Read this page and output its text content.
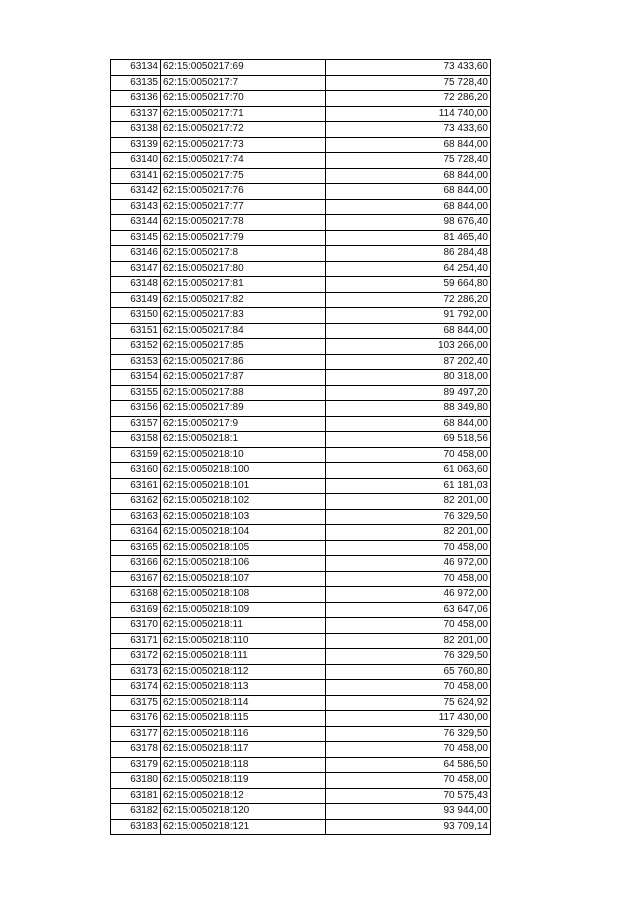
63134	62:15:0050217:69	73 433,60
63135	62:15:0050217:7	75 728,40
63136	62:15:0050217:70	72 286,20
63137	62:15:0050217:71	114 740,00
63138	62:15:0050217:72	73 433,60
63139	62:15:0050217:73	68 844,00
63140	62:15:0050217:74	75 728,40
63141	62:15:0050217:75	68 844,00
63142	62:15:0050217:76	68 844,00
63143	62:15:0050217:77	68 844,00
63144	62:15:0050217:78	98 676,40
63145	62:15:0050217:79	81 465,40
63146	62:15:0050217:8	86 284,48
63147	62:15:0050217:80	64 254,40
63148	62:15:0050217:81	59 664,80
63149	62:15:0050217:82	72 286,20
63150	62:15:0050217:83	91 792,00
63151	62:15:0050217:84	68 844,00
63152	62:15:0050217:85	103 266,00
63153	62:15:0050217:86	87 202,40
63154	62:15:0050217:87	80 318,00
63155	62:15:0050217:88	89 497,20
63156	62:15:0050217:89	88 349,80
63157	62:15:0050217:9	68 844,00
63158	62:15:0050218:1	69 518,56
63159	62:15:0050218:10	70 458,00
63160	62:15:0050218:100	61 063,60
63161	62:15:0050218:101	61 181,03
63162	62:15:0050218:102	82 201,00
63163	62:15:0050218:103	76 329,50
63164	62:15:0050218:104	82 201,00
63165	62:15:0050218:105	70 458,00
63166	62:15:0050218:106	46 972,00
63167	62:15:0050218:107	70 458,00
63168	62:15:0050218:108	46 972,00
63169	62:15:0050218:109	63 647,06
63170	62:15:0050218:11	70 458,00
63171	62:15:0050218:110	82 201,00
63172	62:15:0050218:111	76 329,50
63173	62:15:0050218:112	65 760,80
63174	62:15:0050218:113	70 458,00
63175	62:15:0050218:114	75 624,92
63176	62:15:0050218:115	117 430,00
63177	62:15:0050218:116	76 329,50
63178	62:15:0050218:117	70 458,00
63179	62:15:0050218:118	64 586,50
63180	62:15:0050218:119	70 458,00
63181	62:15:0050218:12	70 575,43
63182	62:15:0050218:120	93 944,00
63183	62:15:0050218:121	93 709,14
